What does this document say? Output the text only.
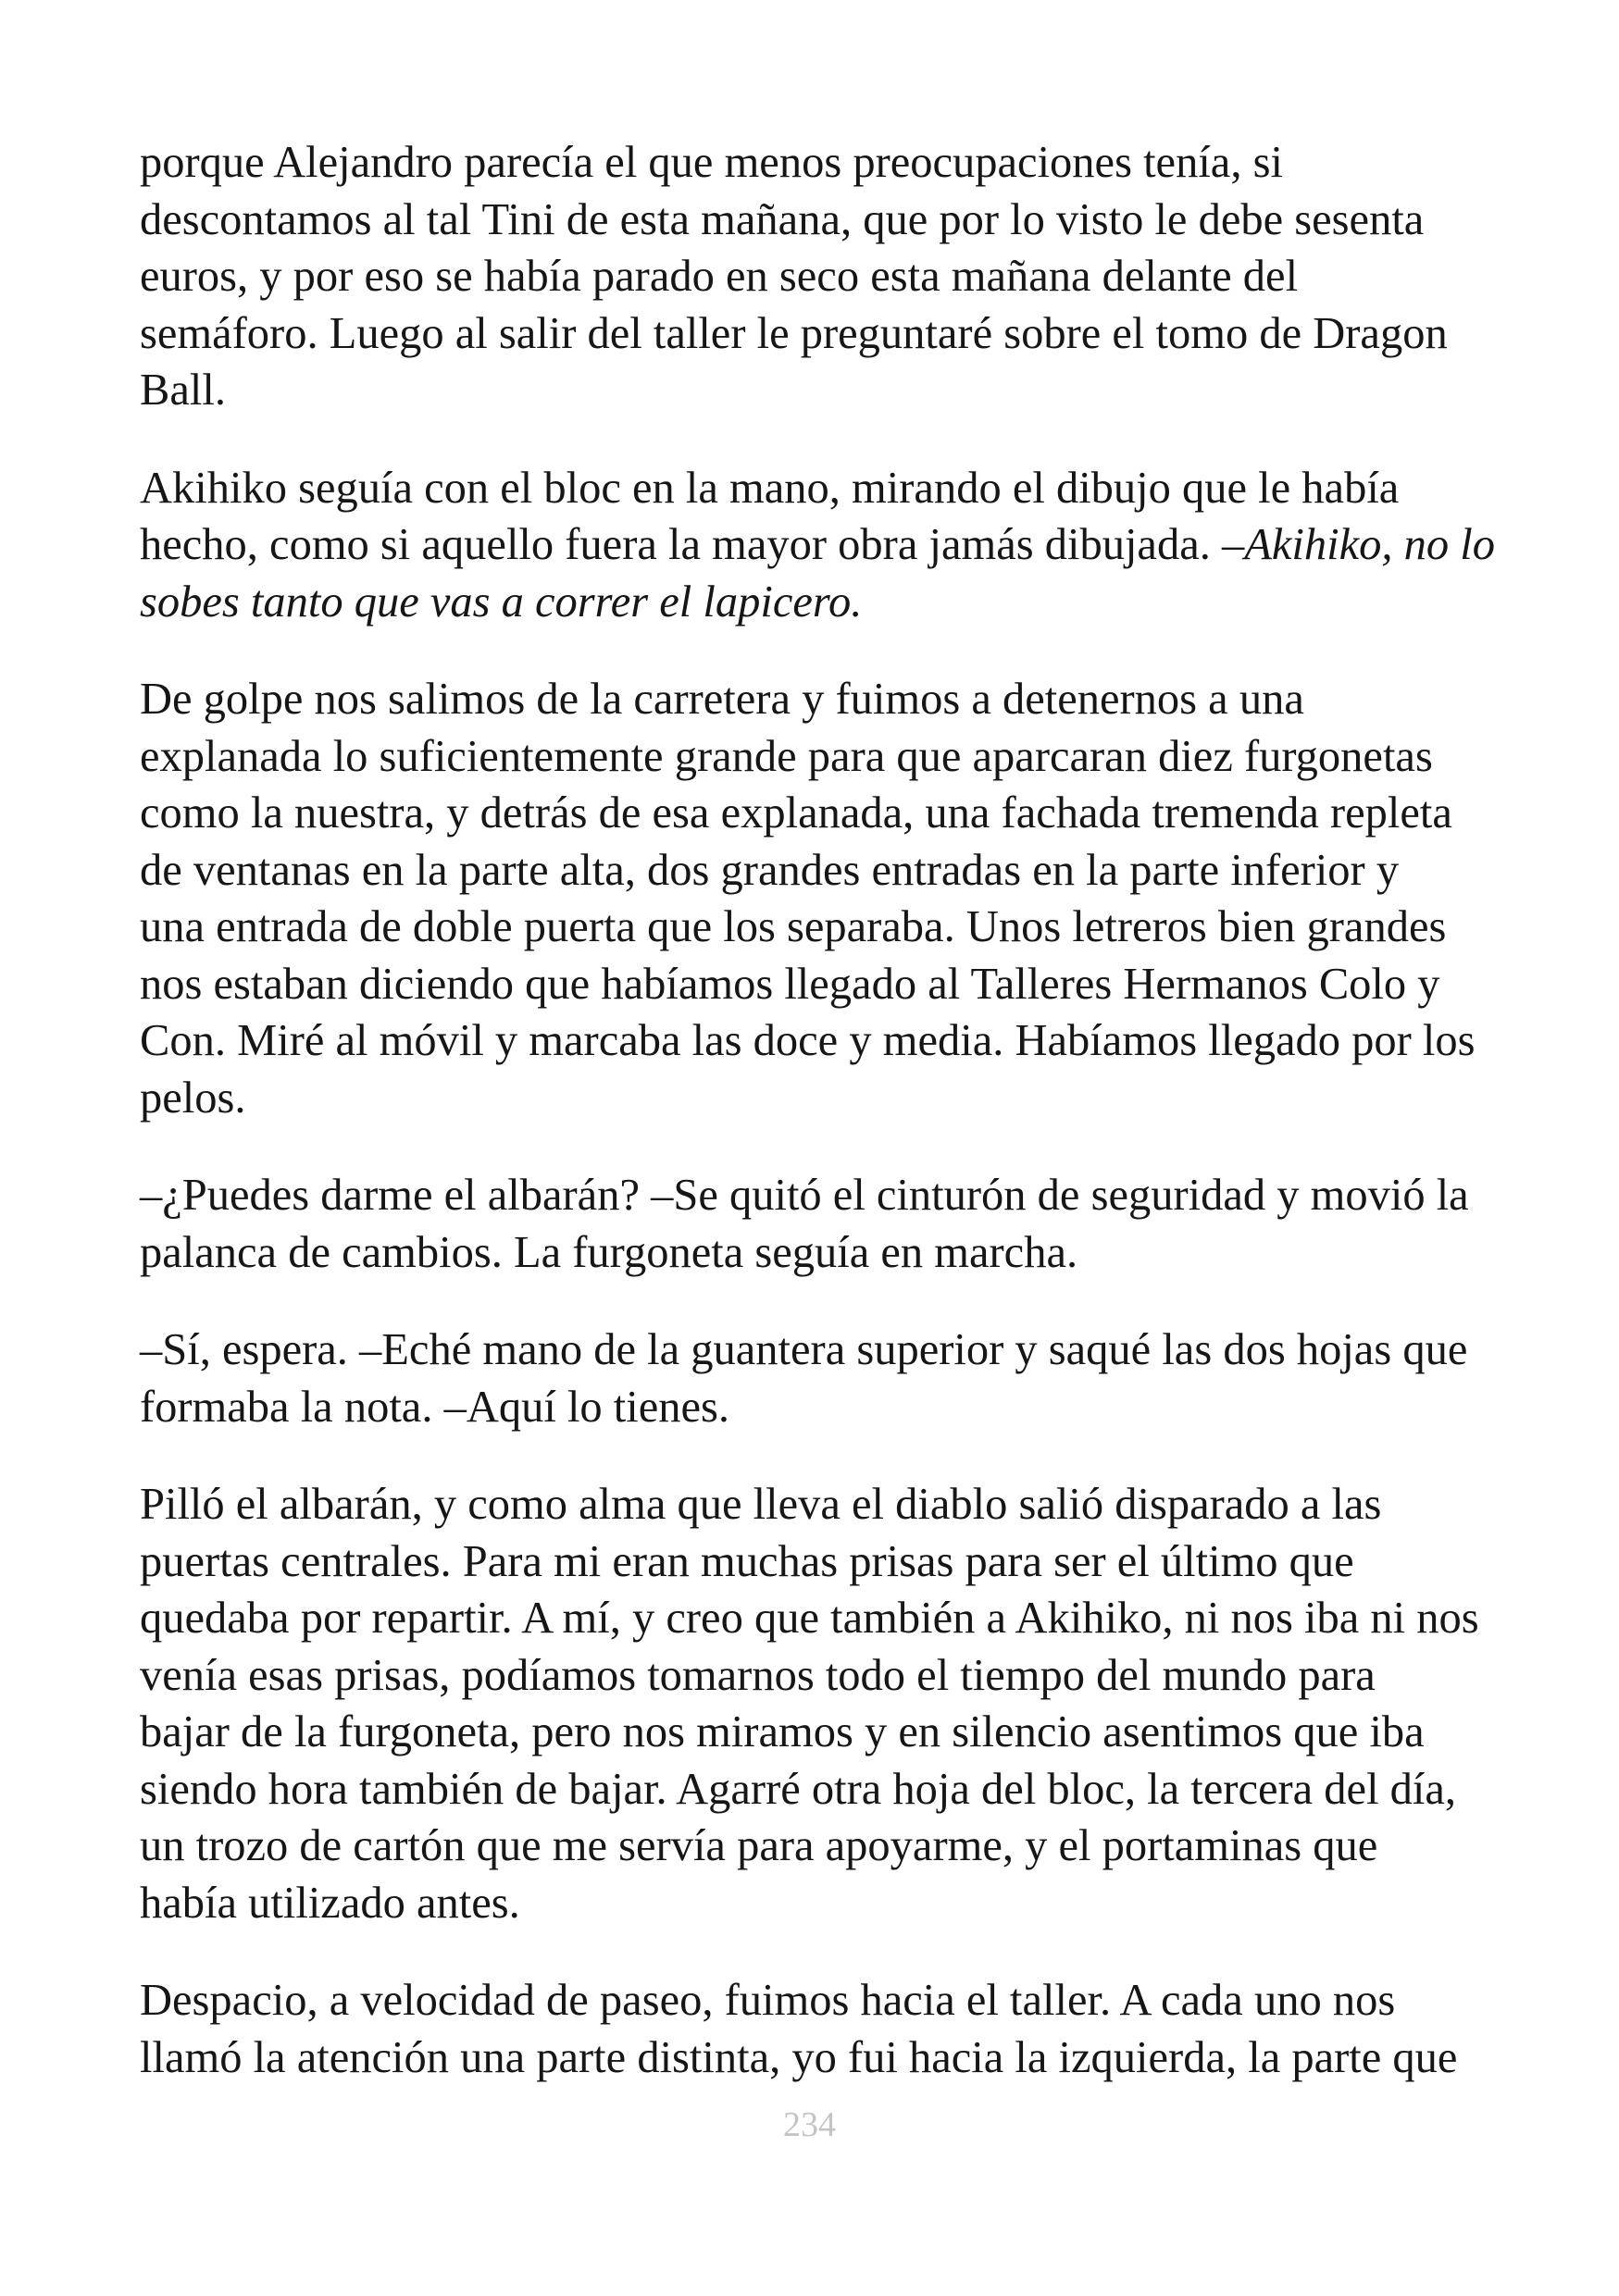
porque Alejandro parecía el que menos preocupaciones tenía, si
descontamos al tal Tini de esta mañana, que por lo visto le debe sesenta
euros, y por eso se había parado en seco esta mañana delante del
semáforo. Luego al salir del taller le preguntaré sobre el tomo de Dragon
Ball.
Akihiko seguía con el bloc en la mano, mirando el dibujo que le había
hecho, como si aquello fuera la mayor obra jamás dibujada. –Akihiko, no lo
sobes tanto que vas a correr el lapicero.
De golpe nos salimos de la carretera y fuimos a detenernos a una
explanada lo suficientemente grande para que aparcaran diez furgonetas
como la nuestra, y detrás de esa explanada, una fachada tremenda repleta
de ventanas en la parte alta, dos grandes entradas en la parte inferior y
una entrada de doble puerta que los separaba. Unos letreros bien grandes
nos estaban diciendo que habíamos llegado al Talleres Hermanos Colo y
Con. Miré al móvil y marcaba las doce y media. Habíamos llegado por los
pelos.
–¿Puedes darme el albarán? –Se quitó el cinturón de seguridad y movió la
palanca de cambios. La furgoneta seguía en marcha.
–Sí, espera. –Eché mano de la guantera superior y saqué las dos hojas que
formaba la nota. –Aquí lo tienes.
Pilló el albarán, y como alma que lleva el diablo salió disparado a las
puertas centrales. Para mi eran muchas prisas para ser el último que
quedaba por repartir. A mí, y creo que también a Akihiko, ni nos iba ni nos
venía esas prisas, podíamos tomarnos todo el tiempo del mundo para
bajar de la furgoneta, pero nos miramos y en silencio asentimos que iba
siendo hora también de bajar. Agarré otra hoja del bloc, la tercera del día,
un trozo de cartón que me servía para apoyarme, y el portaminas que
había utilizado antes.
Despacio, a velocidad de paseo, fuimos hacia el taller. A cada uno nos
llamó la atención una parte distinta, yo fui hacia la izquierda, la parte que
234
